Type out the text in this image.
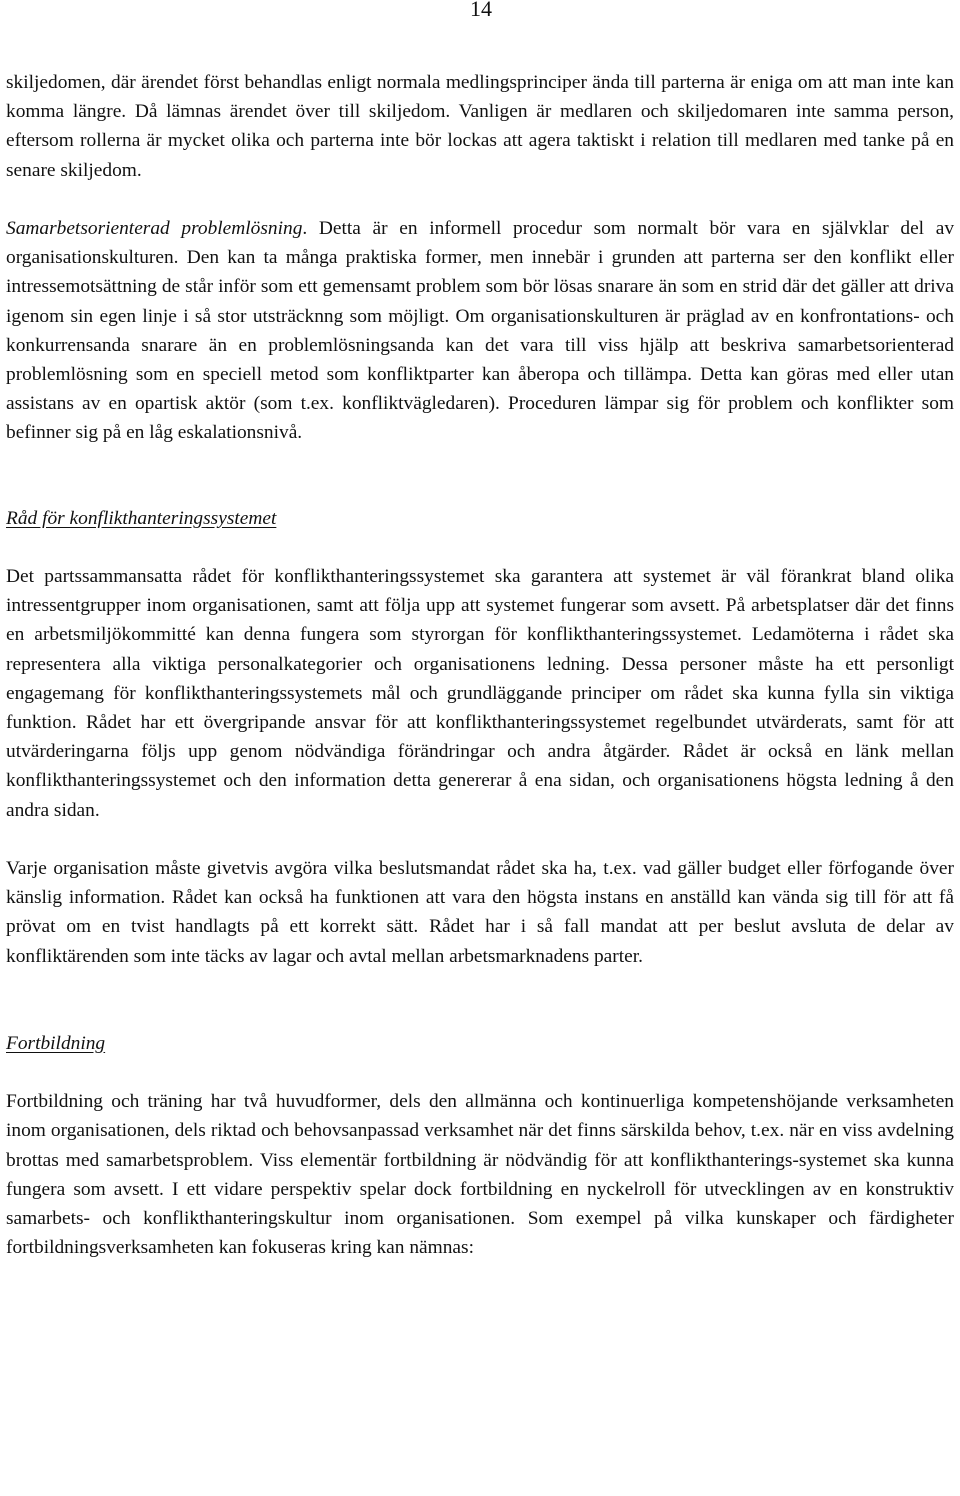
14

skiljedomen, där ärendet först behandlas enligt normala medlingsprinciper ända till parterna är eniga om att man inte kan komma längre. Då lämnas ärendet över till skiljedom. Vanligen är medlaren och skiljedomaren inte samma person, eftersom rollerna är mycket olika och parterna inte bör lockas att agera taktiskt i relation till medlaren med tanke på en senare skiljedom.

Samarbetsorienterad problemlösning. Detta är en informell procedur som normalt bör vara en självklar del av organisationskulturen. Den kan ta många praktiska former, men innebär i grunden att parterna ser den konflikt eller intressemotsättning de står inför som ett gemensamt problem som bör lösas snarare än som en strid där det gäller att driva igenom sin egen linje i så stor utsträcknng som möjligt. Om organisationskulturen är präglad av en konfrontations- och konkurrensanda snarare än en problemlösningsanda kan det vara till viss hjälp att beskriva samarbetsorienterad problemlösning som en speciell metod som konfliktparter kan åberopa och tillämpa. Detta kan göras med eller utan assistans av en opartisk aktör (som t.ex. konfliktvägledaren). Proceduren lämpar sig för problem och konflikter som befinner sig på en låg eskalationsnivå.

Råd för konflikthanteringssystemet

Det partssammansatta rådet för konflikthanteringssystemet ska garantera att systemet är väl förankrat bland olika intressentgrupper inom organisationen, samt att följa upp att systemet fungerar som avsett. På arbetsplatser där det finns en arbetsmiljökommitté kan denna fungera som styrorgan för konflikthanteringssystemet. Ledamöterna i rådet ska representera alla viktiga personalkategorier och organisationens ledning. Dessa personer måste ha ett personligt engagemang för konflikthanteringssystemets mål och grundläggande principer om rådet ska kunna fylla sin viktiga funktion. Rådet har ett övergripande ansvar för att konflikthanteringssystemet regelbundet utvärderats, samt för att utvärderingarna följs upp genom nödvändiga förändringar och andra åtgärder. Rådet är också en länk mellan konflikthanteringssystemet och den information detta genererar å ena sidan, och organisationens högsta ledning å den andra sidan.

Varje organisation måste givetvis avgöra vilka beslutsmandat rådet ska ha, t.ex. vad gäller budget eller förfogande över känslig information. Rådet kan också ha funktionen att vara den högsta instans en anställd kan vända sig till för att få prövat om en tvist handlagts på ett korrekt sätt. Rådet har i så fall mandat att per beslut avsluta de delar av konfliktärenden som inte täcks av lagar och avtal mellan arbetsmarknadens parter.

Fortbildning

Fortbildning och träning har två huvudformer, dels den allmänna och kontinuerliga kompetenshöjande verksamheten inom organisationen, dels riktad och behovsanpassad verksamhet när det finns särskilda behov, t.ex. när en viss avdelning brottas med samarbetsproblem. Viss elementär fortbildning är nödvändig för att konflikthanterings-systemet ska kunna fungera som avsett. I ett vidare perspektiv spelar dock fortbildning en nyckelroll för utvecklingen av en konstruktiv samarbets- och konflikthanteringskultur inom organisationen. Som exempel på vilka kunskaper och färdigheter fortbildningsverksamheten kan fokuseras kring kan nämnas:
